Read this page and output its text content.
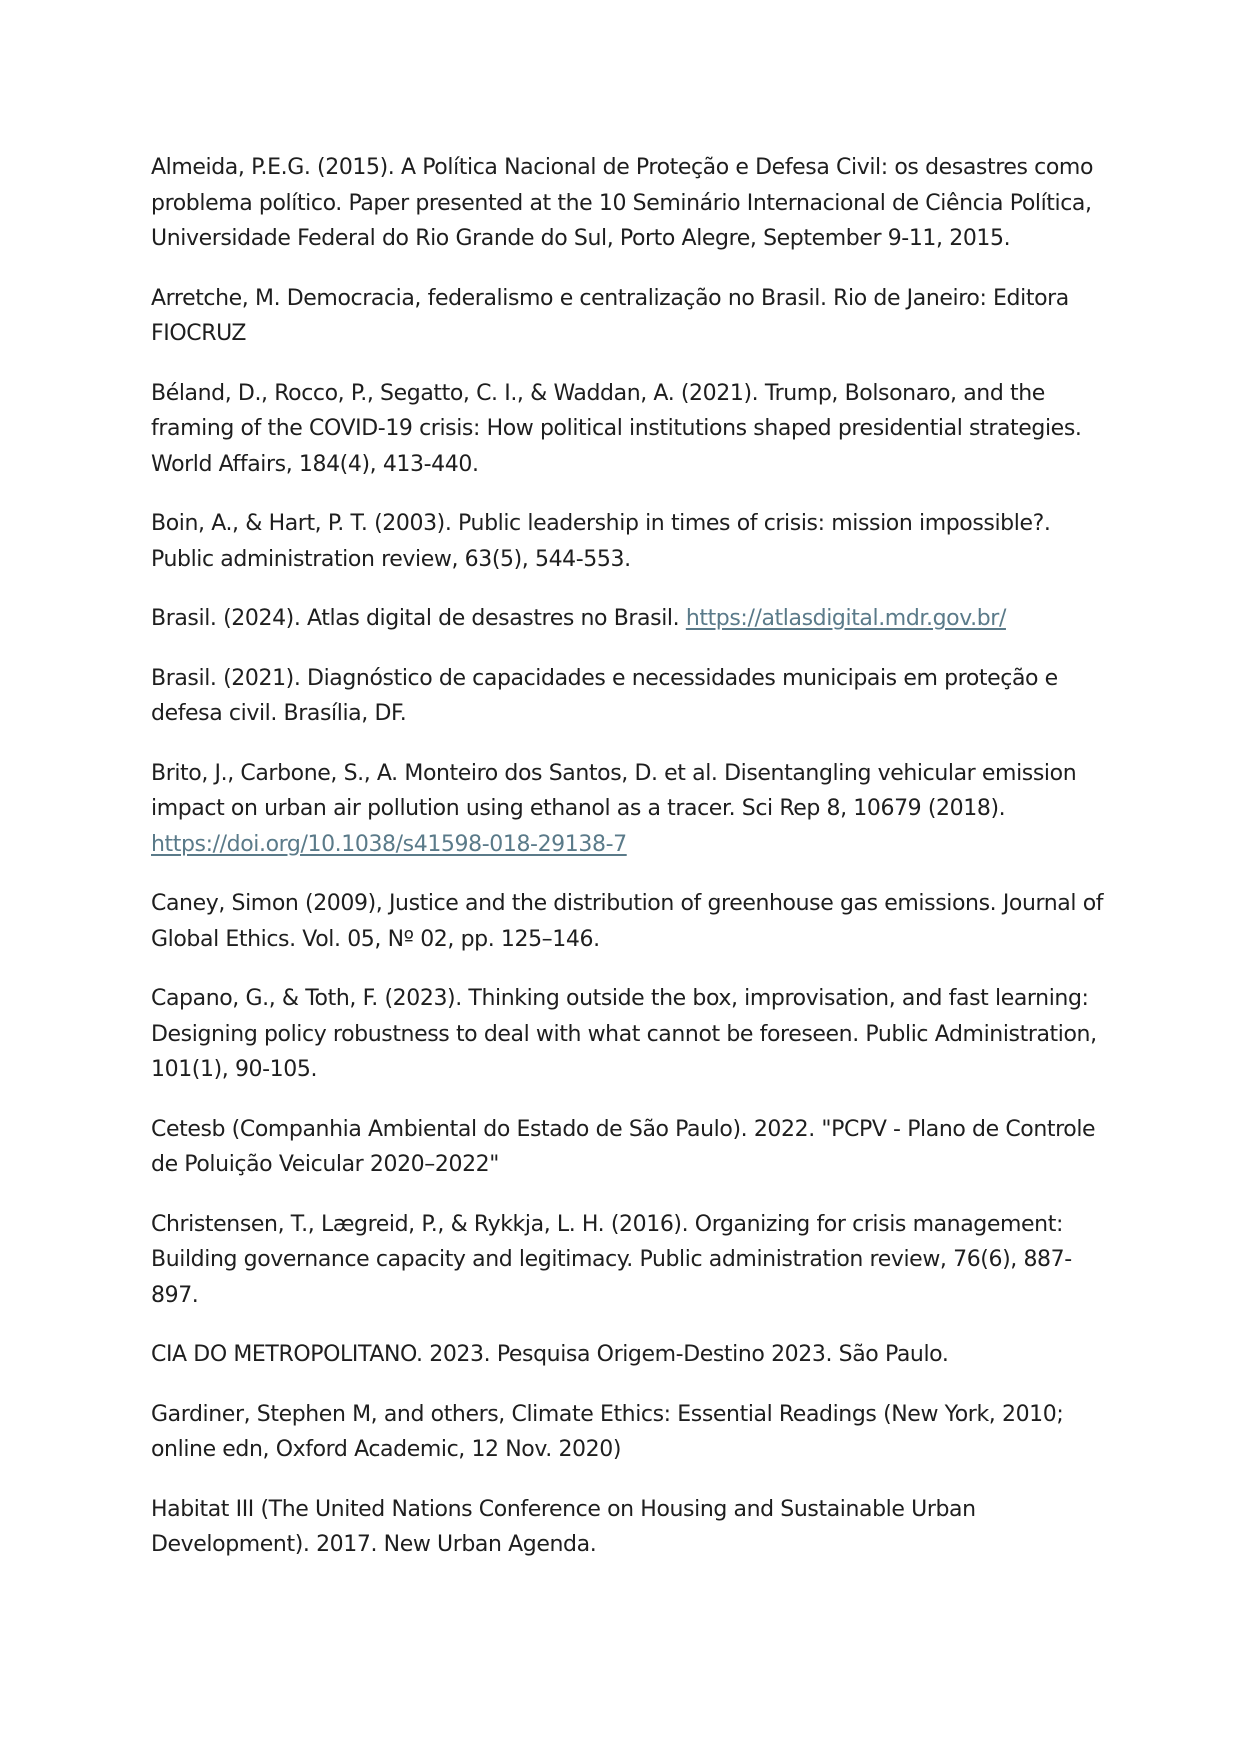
Almeida, P.E.G. (2015). A Política Nacional de Proteção e Defesa Civil: os desastres como problema político. Paper presented at the 10 Seminário Internacional de Ciência Política, Universidade Federal do Rio Grande do Sul, Porto Alegre, September 9-11, 2015.

Arretche, M. Democracia, federalismo e centralização no Brasil. Rio de Janeiro: Editora FIOCRUZ

Béland, D., Rocco, P., Segatto, C. I., & Waddan, A. (2021). Trump, Bolsonaro, and the framing of the COVID-19 crisis: How political institutions shaped presidential strategies. World Affairs, 184(4), 413-440.

Boin, A., & Hart, P. T. (2003). Public leadership in times of crisis: mission impossible?. Public administration review, 63(5), 544-553.

Brasil. (2024). Atlas digital de desastres no Brasil. https://atlasdigital.mdr.gov.br/

Brasil. (2021). Diagnóstico de capacidades e necessidades municipais em proteção e defesa civil. Brasília, DF.

Brito, J., Carbone, S., A. Monteiro dos Santos, D. et al. Disentangling vehicular emission impact on urban air pollution using ethanol as a tracer. Sci Rep 8, 10679 (2018). https://doi.org/10.1038/s41598-018-29138-7

Caney, Simon (2009), Justice and the distribution of greenhouse gas emissions. Journal of Global Ethics. Vol. 05, Nº 02, pp. 125–146.

Capano, G., & Toth, F. (2023). Thinking outside the box, improvisation, and fast learning: Designing policy robustness to deal with what cannot be foreseen. Public Administration, 101(1), 90-105.

Cetesb (Companhia Ambiental do Estado de São Paulo). 2022. "PCPV - Plano de Controle de Poluição Veicular 2020–2022"

Christensen, T., Lægreid, P., & Rykkja, L. H. (2016). Organizing for crisis management: Building governance capacity and legitimacy. Public administration review, 76(6), 887-897.

CIA DO METROPOLITANO. 2023. Pesquisa Origem-Destino 2023. São Paulo.

Gardiner, Stephen M, and others, Climate Ethics: Essential Readings (New York, 2010; online edn, Oxford Academic, 12 Nov. 2020)

Habitat III (The United Nations Conference on Housing and Sustainable Urban Development). 2017. New Urban Agenda.
